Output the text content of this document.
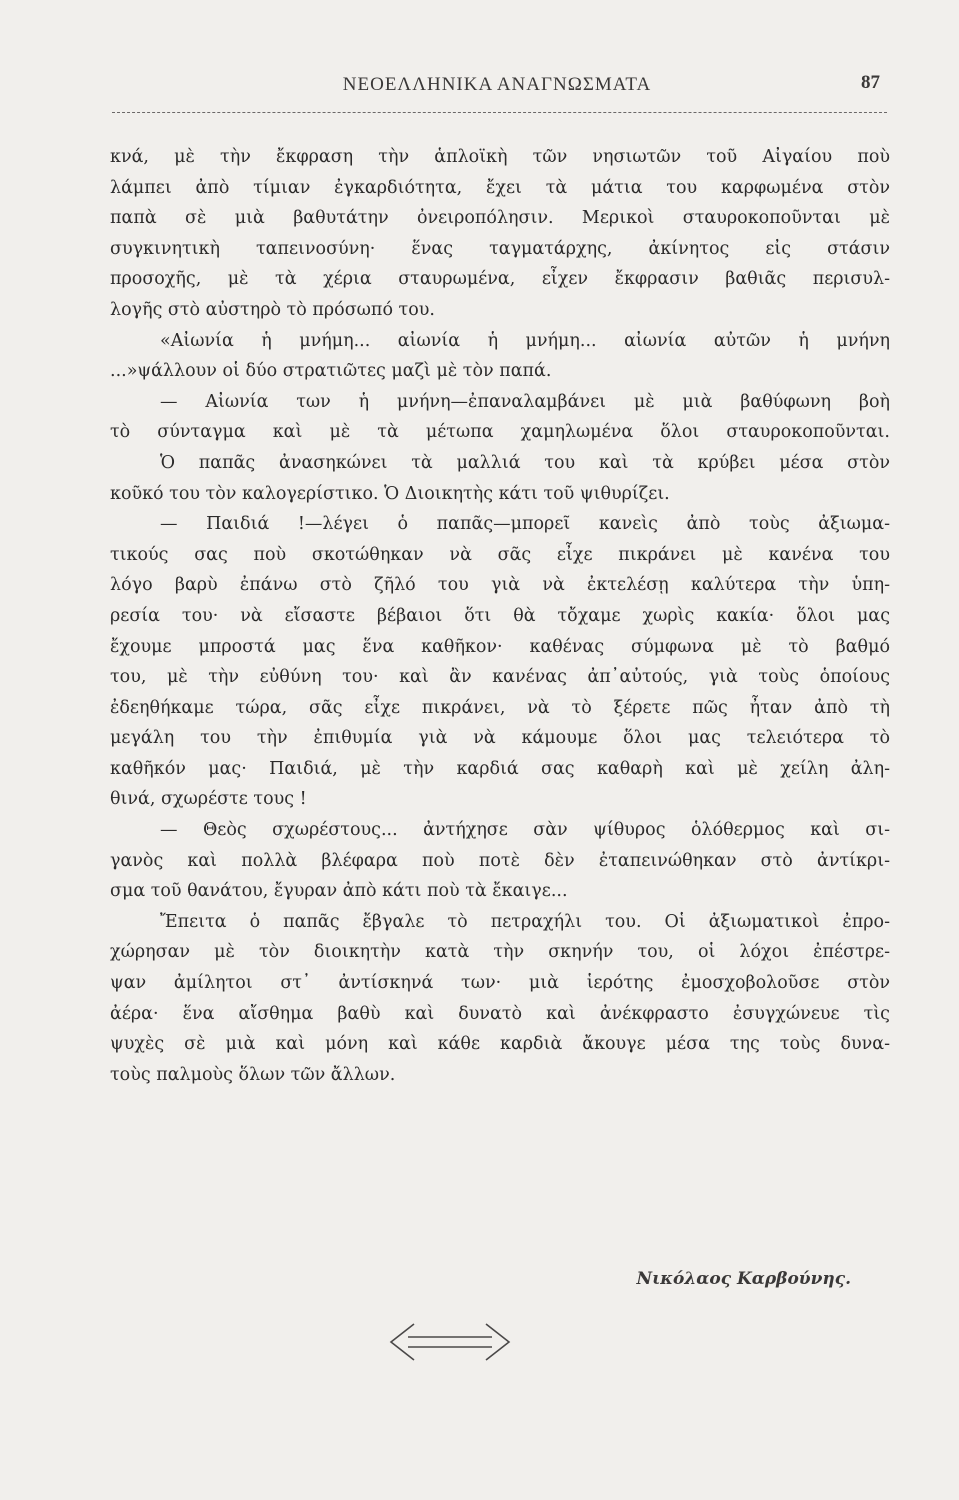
ΝΕΟΕΛΛΗΝΙΚΑ ΑΝΑΓΝΩΣΜΑΤΑ	87
κνά, μὲ τὴν ἔκφραση τὴν ἁπλοϊκὴ τῶν νησιωτῶν τοῦ Αἰγαίου ποὺ
λάμπει ἀπὸ τίμιαν ἐγκαρδιότητα, ἔχει τὰ μάτια του καρφωμένα στὸν
παπὰ σὲ μιὰ βαθυτάτην ὀνειροπόλησιν. Μερικοὶ σταυροκοποῦνται μὲ
συγκινητικὴ ταπεινοσύνη· ἕνας ταγματάρχης, ἀκίνητος εἰς στάσιν
προσοχῆς, μὲ τὰ χέρια σταυρωμένα, εἶχεν ἔκφρασιν βαθιᾶς περισυλ-
λογῆς στὸ αὐστηρὸ τὸ πρόσωπό του.
«Αἰωνία ἡ μνήμη... αἰωνία ἡ μνήμη... αἰωνία αὐτῶν ἡ μνήνη
...»ψάλλουν οἱ δύο στρατιῶτες μαζὶ μὲ τὸν παπά.
— Αἰωνία των ἡ μνήνη—ἐπαναλαμβάνει μὲ μιὰ βαθύφωνη βοὴ
τὸ σύνταγμα καὶ μὲ τὰ μέτωπα χαμηλωμένα ὅλοι σταυροκοποῦνται.
Ὁ παπᾶς ἀνασηκώνει τὰ μαλλιά του καὶ τὰ κρύβει μέσα στὸν
κοῦκό του τὸν καλογερίστικο. Ὁ Διοικητὴς κάτι τοῦ ψιθυρίζει.
— Παιδιά !—λέγει ὁ παπᾶς—μπορεῖ κανεὶς ἀπὸ τοὺς ἀξιωμα-
τικούς σας ποὺ σκοτώθηκαν νὰ σᾶς εἶχε πικράνει μὲ κανένα του
λόγο βαρὺ ἐπάνω στὸ ζῆλό του γιὰ νὰ ἐκτελέσῃ καλύτερα τὴν ὑπη-
ρεσία του· νὰ εἴσαστε βέβαιοι ὅτι θὰ τὄχαμε χωρὶς κακία· ὅλοι μας
ἔχουμε μπροστά μας ἕνα καθῆκον· καθένας σύμφωνα μὲ τὸ βαθμό
του, μὲ τὴν εὐθύνη του· καὶ ἂν κανένας ἀπ᾿αὐτούς, γιὰ τοὺς ὁποίους
ἐδεηθήκαμε τώρα, σᾶς εἶχε πικράνει, νὰ τὸ ξέρετε πῶς ἦταν ἀπὸ τὴ
μεγάλη του τὴν ἐπιθυμία γιὰ νὰ κάμουμε ὅλοι μας τελειότερα τὸ
καθῆκόν μας· Παιδιά, μὲ τὴν καρδιά σας καθαρὴ καὶ μὲ χείλη ἀλη-
θινά, σχωρέστε τους !
— Θεὸς σχωρέστους... ἀντήχησε σὰν ψίθυρος ὁλόθερμος καὶ σι-
γανὸς καὶ πολλὰ βλέφαρα ποὺ ποτὲ δὲν ἐταπεινώθηκαν στὸ ἀντίκρι-
σμα τοῦ θανάτου, ἔγυραν ἀπὸ κάτι ποὺ τὰ ἔκαιγε...
Ἔπειτα ὁ παπᾶς ἔβγαλε τὸ πετραχήλι του. Οἱ ἀξιωματικοὶ ἐπρο-
χώρησαν μὲ τὸν διοικητὴν κατὰ τὴν σκηνήν του, οἱ λόχοι ἐπέστρε-
ψαν ἀμίλητοι στ᾿ ἀντίσκηνά των· μιὰ ἱερότης ἐμοσχοβολοῦσε στὸν
ἀέρα· ἕνα αἴσθημα βαθὺ καὶ δυνατὸ καὶ ἀνέκφραστο ἐσυγχώνευε τὶς
ψυχὲς σὲ μιὰ καὶ μόνη καὶ κάθε καρδιὰ ἄκουγε μέσα της τοὺς δυνα-
τοὺς παλμοὺς ὅλων τῶν ἄλλων.
Νικόλαος Καρβούνης.
